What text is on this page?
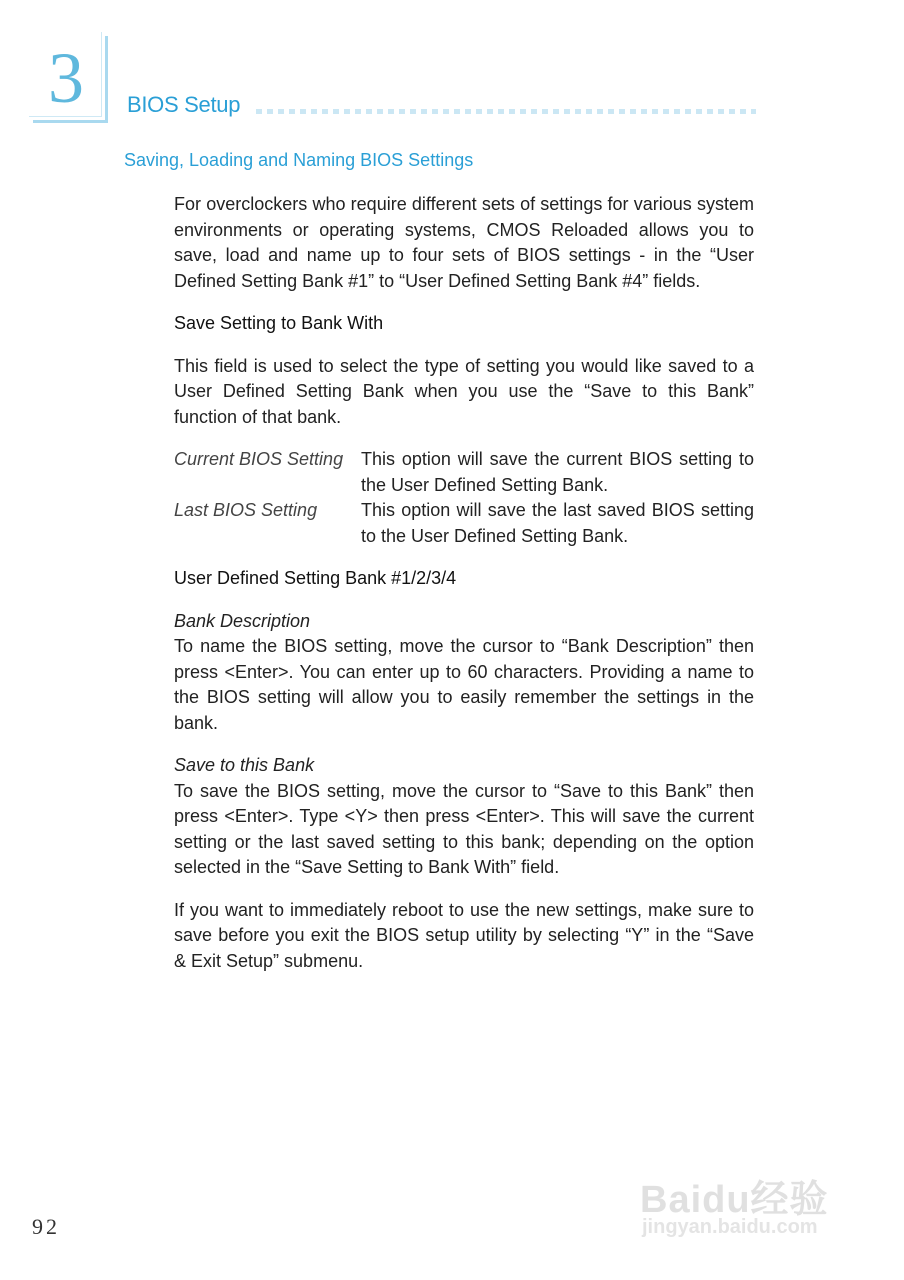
3 BIOS Setup
Saving, Loading and Naming BIOS Settings

For overclockers who require different sets of settings for various system environments or operating systems, CMOS Reloaded allows you to save, load and name up to four sets of BIOS settings - in the “User Defined Setting Bank #1” to “User Defined Setting Bank #4” fields.

Save Setting to Bank With

This field is used to select the type of setting you would like saved to a User Defined Setting Bank when you use the “Save to this Bank” function of that bank.

Current BIOS Setting This option will save the current BIOS setting to the User Defined Setting Bank.
Last BIOS Setting	This option will save the last saved BIOS setting to the User Defined Setting Bank.

User Defined Setting Bank #1/2/3/4

Bank Description

To name the BIOS setting, move the cursor to “Bank Description” then press <Enter>. You can enter up to 60 characters. Providing a name to the BIOS setting will allow you to easily remember the settings in the bank.

Save to this Bank

To save the BIOS setting, move the cursor to “Save to this Bank” then press <Enter>. Type <Y> then press <Enter>. This will save the current setting or the last saved setting to this bank; depending on the option selected in the “Save Setting to Bank With” field.

If you want to immediately reboot to use the new settings, make sure to save before you exit the BIOS setup utility by selecting “Y” in the “Save & Exit Setup” submenu.

92
Baidu经验
jingyan.baidu.com
